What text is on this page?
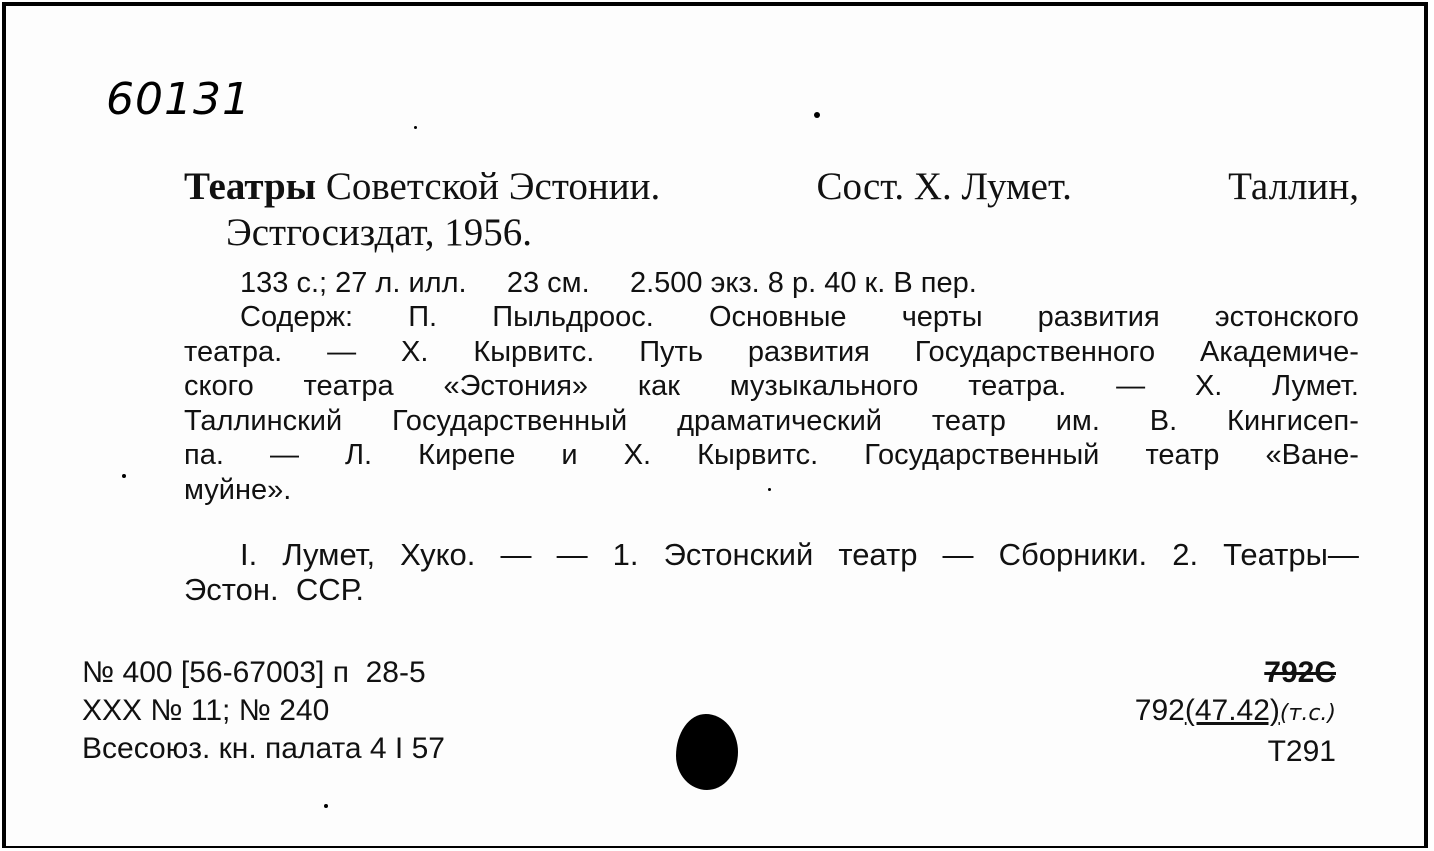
60131
Театры Советской Эстонии.	Сост. Х. Лумет.	Таллин,
Эстгосиздат, 1956.
133 с.; 27 л. илл.     23 см.     2.500 экз. 8 р. 40 к. В пер.
Содерж: П. Пыльдроос. Основные черты развития эстонского
театра. — Х. Кырвитс. Путь развития Государственного Академиче-
ского театра «Эстония» как музыкального театра. — Х. Лумет.
Таллинский Государственный драматический театр им. В. Кингисеп-
па. — Л. Кирепе и Х. Кырвитс. Государственный театр «Ване-
муйне».
I. Лумет, Хуко. — — 1. Эстонский театр — Сборники. 2. Театры—
Эстон.  ССР.
№ 400 [56-67003] п  28-5
XXX № 11; № 240
Всесоюз. кн. палата 4 I 57
792С
792(47.42)(т.с.)
Т291
